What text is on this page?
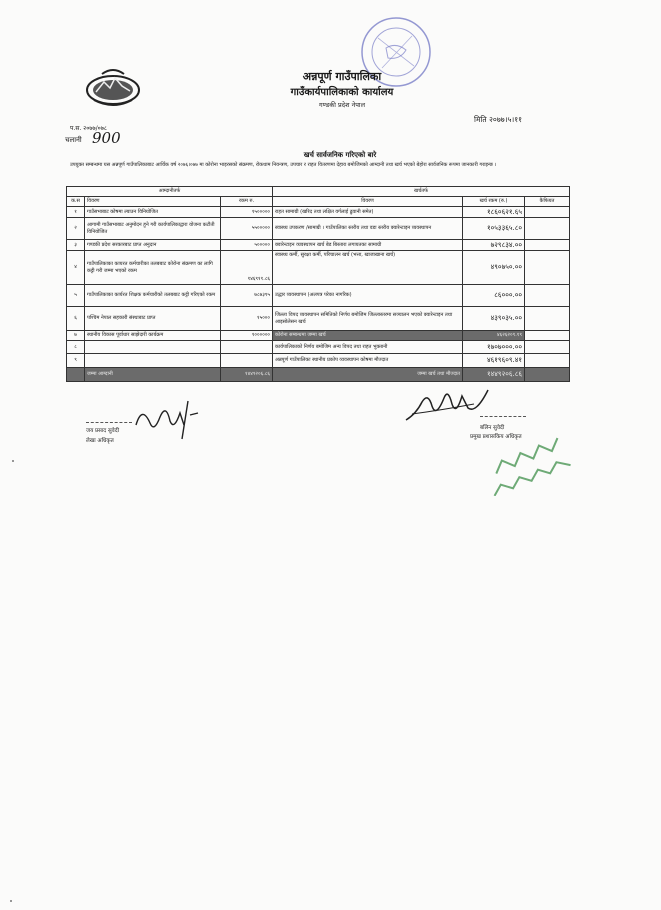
अन्नपूर्ण गाउँपालिका
गाउँकार्यपालिकाको कार्यालय
गण्डकी प्रदेश नेपाल
मिति २०७७।५।११
प.स. २०७७/०७८
चलानी 900
खर्च सार्वजनिक गरिएको बारे
उपयुक्त सम्बन्धमा यस अन्नपूर्ण गाउँपालिकाबाट आर्थिक वर्ष २०७६।०७७ मा कोरोना भाइरसको संक्रमण, रोकथाम नियन्त्रण, उपचार र राहत वितरणमा देहाय बमोजिमको आम्दानी तथा खर्च भएको बेहोरा सार्वजनिक रूपमा जानकारी गराइन्छ ।
आम्दानीतर्फ			खर्चतर्फ		
क.स	विवरण	रकम रु.	विवरण	खर्च रकम (रु.)	कैफियत
१	गाउँसभाबाट कोषमा ल्याउन विनियोजित	१५०००००	राहत सामाग्री (खरिद तथा लक्षित वर्गलाई ढुवानी समेत)	१८६०६२१.६५	
२	आगामी गाउँसभाबाट अनुमोदन हुने गरी कार्यपालिकाद्वारा योजना कटौती विनियोजित	५५०००००	स्वास्थ्य उपकरण /सामाग्री । गाउँपालिका स्तरीय तथा वडा स्तरीय क्वारेन्टाइन व्यवस्थापन	१०५३३६५.८०	
३	गण्डकी प्रदेश सरकारबाट प्राप्त अनुदान	५०००००	क्वारेन्टाइन व्यवस्थापन खर्च बेड बिस्तारा लगायतका सामाग्री	७२९८३४.००	
४	गाउँपालिकाका कायरत कर्मचारीका तलबबाट कोरोना संक्रमण का लागि कट्टी गरी जम्मा भएको रकम	१४६९११.८६	स्वास्थ्य कर्मी, सुरक्षा कर्मी, परिचालन खर्च (भत्ता, खाजाखाना खर्च)	४९०७५०.००	
५	गाउँपालिकाका कार्यरत शिक्षक कर्मचारीको तलबबाट कट्टी गरिएको रकम	७८७३९५	उद्धार व्यवस्थापन (अलपत्र परेका नागरिक)	८६०००.००	
६	पश्चिम नेपाल सहकारी संस्थाबाट प्राप्त	१५०००	जिल्ला विपद व्यवस्थापन समितिको निर्णय बमोजिम जिल्लास्तरमा सञ्चालन भएको क्वारेन्टाइन तथा आइसोलेसन खर्च	४३९०३५.००	
७	स्थानीय विकास पूर्वाधार साझेदारी कार्यक्रम	१००००००	कोरोना सम्बन्धमा जम्मा खर्च	४६२६२०९.१९	
८			कार्यपालिकाको निर्णय बमोजिम अन्य विपद तथा राहत भुक्तानी	१७०७०००.००	
९			अन्नपूर्ण गाउँपालिका स्थानीय प्रकोप व्यवस्थापन कोषमा मौज्दात	४६१९६०९.४१	
	जम्मा आम्दानी	१४४९२०६.८६	जम्मा खर्च तथा मौज्दात	१४४९२०६.८६	
जय प्रसाद सुवेदी
लेखा अधिकृत
बलिन सुवेदी
प्रमुख प्रशासकिय अधिकृत
